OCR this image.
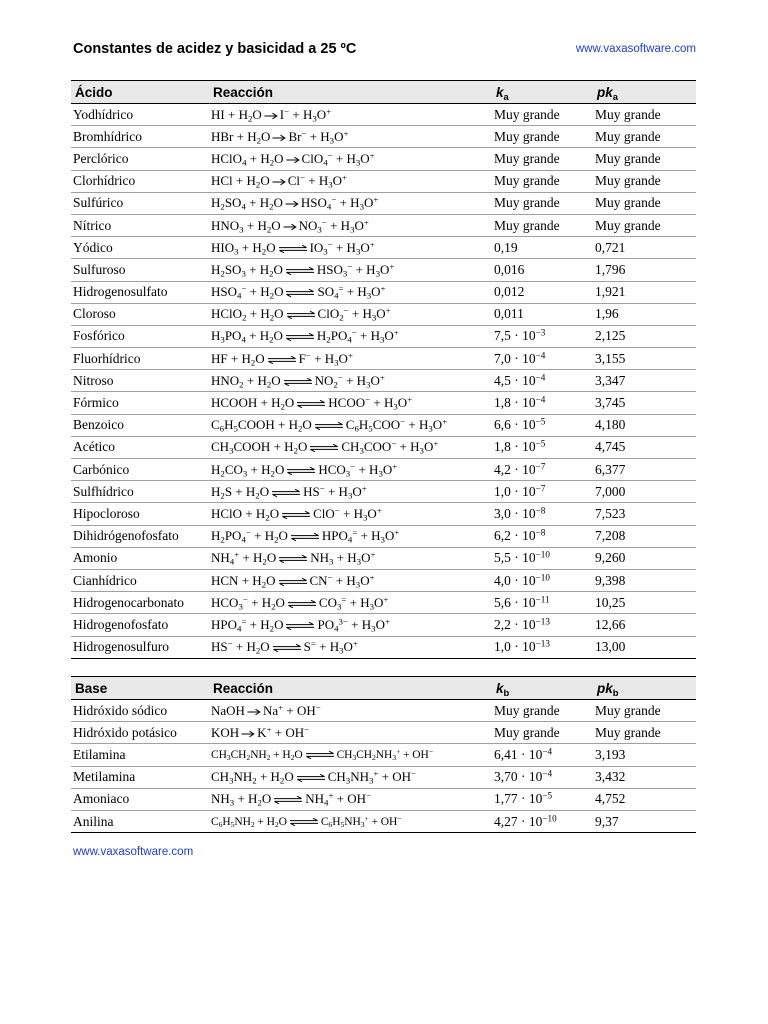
Constantes de acidez y basicidad a 25 ºC	www.vaxasoftware.com
Ácido	Reacción	$k_a$	$pk_a$
Yodhídrico	HI + $H_2O$ $I^- + H_3O^+$	Muy grande	Muy grande
Bromhídrico	HBr + $H_2O$ $Br^- + H_3O^+$	Muy grande	Muy grande
Perclórico	HClO$_4$ + $H_2O$ $ClO_4^- + H_3O^+$	Muy grande	Muy grande
Clorhídrico	HCl + $H_2O$ $Cl^- + H_3O^+$	Muy grande	Muy grande
Sulfúrico	$H_2SO_4 + H_2O$ $HSO_4^- + H_3O^+$	Muy grande	Muy grande
Nítrico	$HNO_3 + H_2O$ $NO_3^- + H_3O^+$	Muy grande	Muy grande
Yódico	$HIO_3 + H_2O$ ⇌ $IO_3^- + H_3O^+$	0,19	0,721
Sulfuroso	$H_2SO_3 + H_2O$ ⇌ $HSO_3^- + H_3O^+$	0,016	1,796
Hidrogenosulfato	$HSO_4^- + H_2O$ ⇌ $SO_4^= + H_3O^+$	0,012	1,921
Cloroso	HClO$_2$ + $H_2O$ ⇌ $ClO_2^- + H_3O^+$	0,011	1,96
Fosfórico	$H_3PO_4 + H_2O$ ⇌ $H_2PO_4^- + H_3O^+$	$7,5 \cdot 10^{-3}$	2,125
Fluorhídrico	HF + $H_2O$ ⇌ $F^- + H_3O^+$	$7,0 \cdot 10^{-4}$	3,155
Nitroso	$HNO_2 + H_2O$ ⇌ $NO_2^- + H_3O^+$	$4,5 \cdot 10^{-4}$	3,347
Fórmico	HCOOH + $H_2O$ ⇌ HCOO− + $H_3O^+$	$1,8 \cdot 10^{-4}$	3,745
Benzoico	$C_6H_5COOH + H_2O$ ⇌ $C_6H_5COO^- + H_3O^+$	$6,6 \cdot 10^{-5}$	4,180
Acético	$CH_3COOH + H_2O$ ⇌ $CH_3COO^- + H_3O^+$	$1,8 \cdot 10^{-5}$	4,745
Carbónico	$H_2CO_3 + H_2O$ ⇌ $HCO_3^- + H_3O^+$	$4,2 \cdot 10^{-7}$	6,377
Sulfhídrico	$H_2S + H_2O$ ⇌ $HS^- + H_3O^+$	$1,0 \cdot 10^{-7}$	7,000
Hipocloroso	HClO + $H_2O$ ⇌ $ClO^- + H_3O^+$	$3,0 \cdot 10^{-8}$	7,523
Dihidrógenofosfato	$H_2PO_4^- + H_2O$ ⇌ $HPO_4^= + H_3O^+$	$6,2 \cdot 10^{-8}$	7,208
Amonio	$NH_4^+ + H_2O$ ⇌ $NH_3 + H_3O^+$	$5,5 \cdot 10^{-10}$	9,260
Cianhídrico	HCN + $H_2O$ ⇌ $CN^- + H_3O^+$	$4,0 \cdot 10^{-10}$	9,398
Hidrogenocarbonato	$HCO_3^- + H_2O$ ⇌ $CO_3^= + H_3O^+$	$5,6 \cdot 10^{-11}$	10,25
Hidrogenofosfato	$HPO_4^= + H_2O$ ⇌ $PO_4^{3-} + H_3O^+$	$2,2 \cdot 10^{-13}$	12,66
Hidrogenosulfuro	$HS^- + H_2O$ ⇌ $S^= + H_3O^+$	$1,0 \cdot 10^{-13}$	13,00
Base	Reacción	$k_b$	$pk_b$
Hidróxido sódico	NaOH Na+ + OH−	Muy grande	Muy grande
Hidróxido potásico	KOH K+ + OH−	Muy grande	Muy grande
Etilamina	$CH_3CH_2NH_2 + H_2O$ ⇌ $CH_3CH_2NH_3^+ + OH^-$	$6,41 \cdot 10^{-4}$	3,193
Metilamina	$CH_3NH_2 + H_2O$ ⇌ $CH_3NH_3^+ + OH^-$	$3,70 \cdot 10^{-4}$	3,432
Amoniaco	$NH_3 + H_2O$ ⇌ $NH_4^+ + OH^-$	$1,77 \cdot 10^{-5}$	4,752
Anilina	$C_6H_5NH_2 + H_2O$ ⇌ $C_6H_5NH_3^+ + OH^-$	$4,27 \cdot 10^{-10}$	9,37
www.vaxasoftware.com
